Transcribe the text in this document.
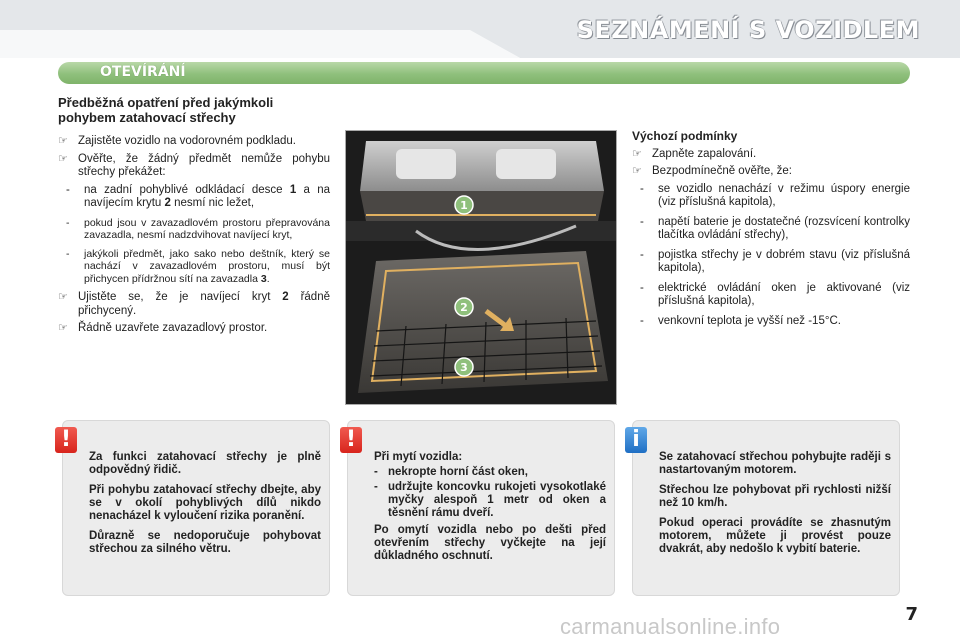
SEZNÁMENÍ S VOZIDLEM
OTEVÍRÁNÍ
Předběžná opatření před jakýmkoli pohybem zatahovací střechy
☞ Zajistěte vozidlo na vodorovném podkladu.
☞ Ověřte, že žádný předmět nemůže pohybu střechy překážet:
- na zadní pohyblivé odkládací desce 1 a na navíjecím krytu 2 nesmí nic ležet,
- pokud jsou v zavazadlovém prostoru přepravována zavazadla, nesmí nadzdvihovat navíjecí kryt,
- jakýkoli předmět, jako sako nebo deštník, který se nachází v zavazadlovém prostoru, musí být přichycen přídržnou sítí na zavazadla 3.
☞ Ujistěte se, že je navíjecí kryt 2 řádně přichycený.
☞ Řádně uzavřete zavazadlový prostor.
1
2
3
Výchozí podmínky
☞ Zapněte zapalování.
☞ Bezpodmínečně ověřte, že:
- se vozidlo nenachází v režimu úspory energie (viz příslušná kapitola),
- napětí baterie je dostatečné (rozsvícení kontrolky tlačítka ovládání střechy),
- pojistka střechy je v dobrém stavu (viz příslušná kapitola),
- elektrické ovládání oken je aktivované (viz příslušná kapitola),
- venkovní teplota je vyšší než -15°C.
!

Za funkci zatahovací střechy je plně odpovědný řidič.

Při pohybu zatahovací střechy dbejte, aby se v okolí pohyblivých dílů nikdo nenacházel k vyloučení rizika poranění.

Důrazně se nedoporučuje pohybovat střechou za silného větru.

!

Při mytí vozidla:

- nekropte horní část oken,
- udržujte koncovku rukojeti vysokotlaké myčky alespoň 1 metr od oken a těsnění rámu dveří.

Po omytí vozidla nebo po dešti před otevřením střechy vyčkejte na její důkladného oschnutí.

i

Se zatahovací střechou pohybujte raději s nastartovaným motorem.

Střechou lze pohybovat při rychlosti nižší než 10 km/h.

Pokud operaci provádíte se zhasnutým motorem, můžete ji provést pouze dvakrát, aby nedošlo k vybití baterie.

7
carmanualsonline.info
